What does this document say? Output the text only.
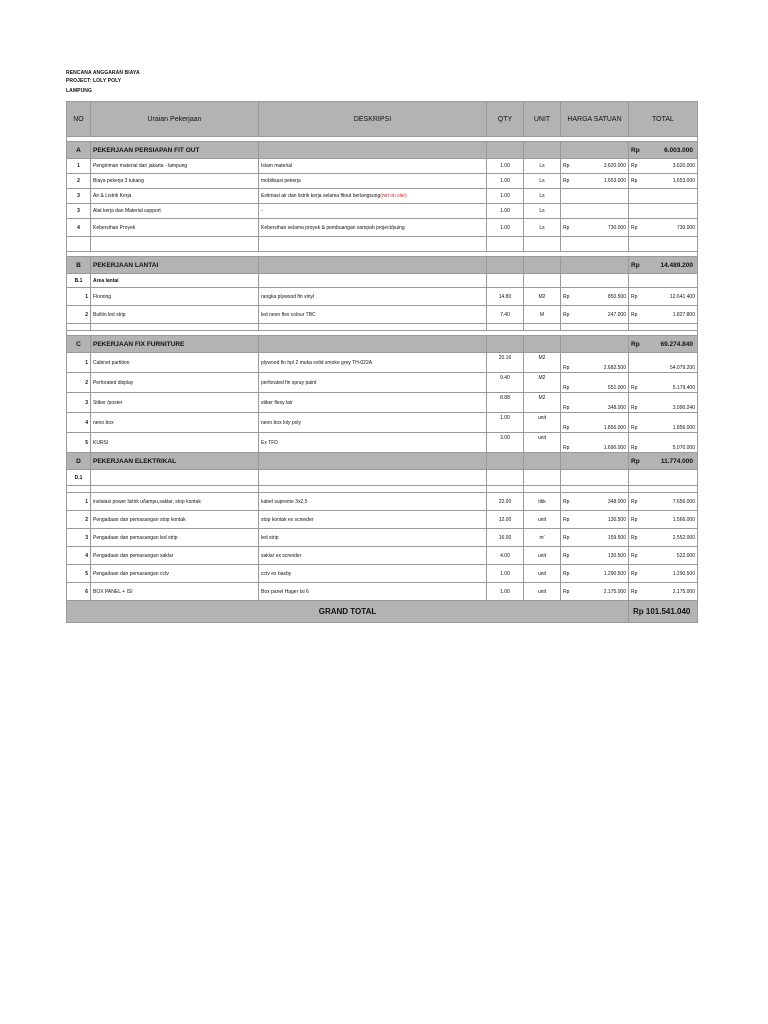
RENCANA ANGGARAN BIAYA
PROJECT: LOLY POLY
LAMPUNG
NO	Uraian Pekerjaan	DESKRIPSI	QTY	UNIT	HARGA SATUAN	TOTAL

A	PEKERJAAN PERSIAPAN FIT OUT					Rp 6.003.000
1	Pengiriman material dari jakarta - lampung	Islam material	1.00	Ls	Rp 3.620.000	Rp 3.620.000

2	Biaya pekerja 3 tukang	mobilisasi pekerja	1.00	Ls	Rp 1.653.000	Rp 1.653.000

3	Air & Listrik Kerja	Estimasi air dan listrik kerja selama fitout berlangsung(net on site)	1.00	Ls		
3	Alat kerja dan Material support	-	1.00	Ls		
4	Kebersihan Proyek	Kebersihan selama proyek & pembuangan sampah project/puing	1.00	Ls	Rp 730.000	Rp 730.000

B	PEKERJAAN LANTAI					Rp 14.489.200
B.1	Area lantai					
1	Flooring	rangka plywood fin vinyl	14.80	M2	Rp 850.500	Rp 12.641.400

2	Builtin led strip	led neon flex colour TBC	7.40	M	Rp 247.000	Rp 1.827.800

C	PEKERJAAN FIX FURNITURE					Rp 69.274.840
1	Cabinet partition	plywood fin hpl 2 muka solid smoke grey TH-022A	20.16	M2	Rp 2.682.500	54.079.200

2	Perforated display	perforated fin spray paint	9.40	M2	Rp 551.000	Rp 5.179.400

3	Stiker /poster	stiker flexy lair	8.88	M2	Rp 348.000	Rp 3.090.240

4	neno box	neon box loly poly	1.00	unit	Rp 1.856.000	Rp 1.856.000

5	KURSI	Ex TFD	3.00	unit	Rp 1.690.000	Rp 5.070.000

D	PEKERJAAN ELEKTRIKAL					Rp 11.774.000
D.1						

1	instalasi power listrik u/lampu,saklar, stop kontak	kabel supreme 3x2,5	22.00	titik	Rp 348.000	Rp 7.656.000

2	Pengadaan dan pemasangan stop kontak	stop kontak ex scneider	12.00	unit	Rp 130.500	Rp 1.566.000

3	Pengadaan dan pemasangan led strip	led strip	16.00	m'	Rp 159.500	Rp 2.552.000

4	Pengadaan dan pemasangan saklar	saklar ex scneider	4.00	unit	Rp 130.500	Rp 522.000

5	Pengadaan dan pemasangan cctv	cctv ex baxby	1.00	unit	Rp 1.290.500	Rp 1.290.500

6	BOX PANEL + ISI	Box panel Hager Isi 6	1.00	unit	Rp 2.175.000	Rp 2.175.000

GRAND TOTAL						Rp 101.541.040
